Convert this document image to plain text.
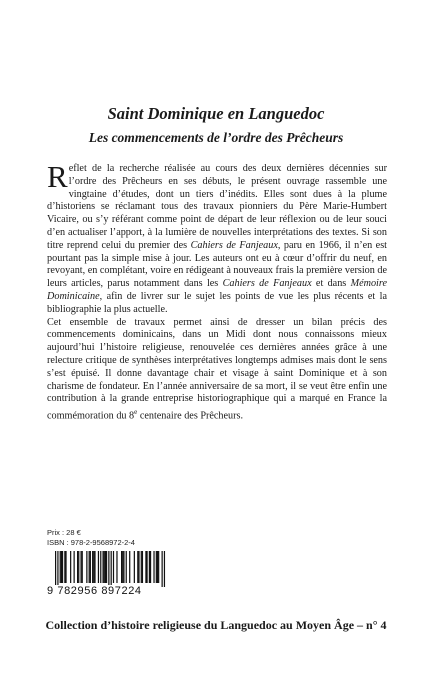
Saint Dominique en Languedoc
Les commencements de l’ordre des Prêcheurs

Reflet de la recherche réalisée au cours des deux dernières décennies sur l’ordre des Prêcheurs en ses débuts, le présent ouvrage rassemble une vingtaine d’études, dont un tiers d’inédits. Elles sont dues à la plume d’historiens se réclamant tous des travaux pionniers du Père Marie-Humbert Vicaire, ou s’y référant comme point de départ de leur réflexion ou de leur souci d’en actualiser l’apport, à la lumière de nouvelles interprétations des textes. Si son titre reprend celui du premier des Cahiers de Fanjeaux, paru en 1966, il n’en est pourtant pas la simple mise à jour. Les auteurs ont eu à cœur d’offrir du neuf, en revoyant, en complétant, voire en rédigeant à nouveaux frais la première version de leurs articles, parus notamment dans les Cahiers de Fanjeaux et dans Mémoire Dominicaine, afin de livrer sur le sujet les points de vue les plus récents et la bibliographie la plus actuelle.

Cet ensemble de travaux permet ainsi de dresser un bilan précis des commencements dominicains, dans un Midi dont nous connaissons mieux aujourd’hui l’histoire religieuse, renouvelée ces dernières années grâce à une relecture critique de synthèses interprétatives longtemps admises mais dont le sens s’est épuisé. Il donne davantage chair et visage à saint Dominique et à son charisme de fondateur. En l’année anniversaire de sa mort, il se veut être enfin une contribution à la grande entreprise historiographique qui a marqué en France la commémoration du 8e centenaire des Prêcheurs.

Prix : 28 €
ISBN : 978-2-9568972-2-4
9 782956 897224

Collection d’histoire religieuse du Languedoc au Moyen Âge – n° 4
